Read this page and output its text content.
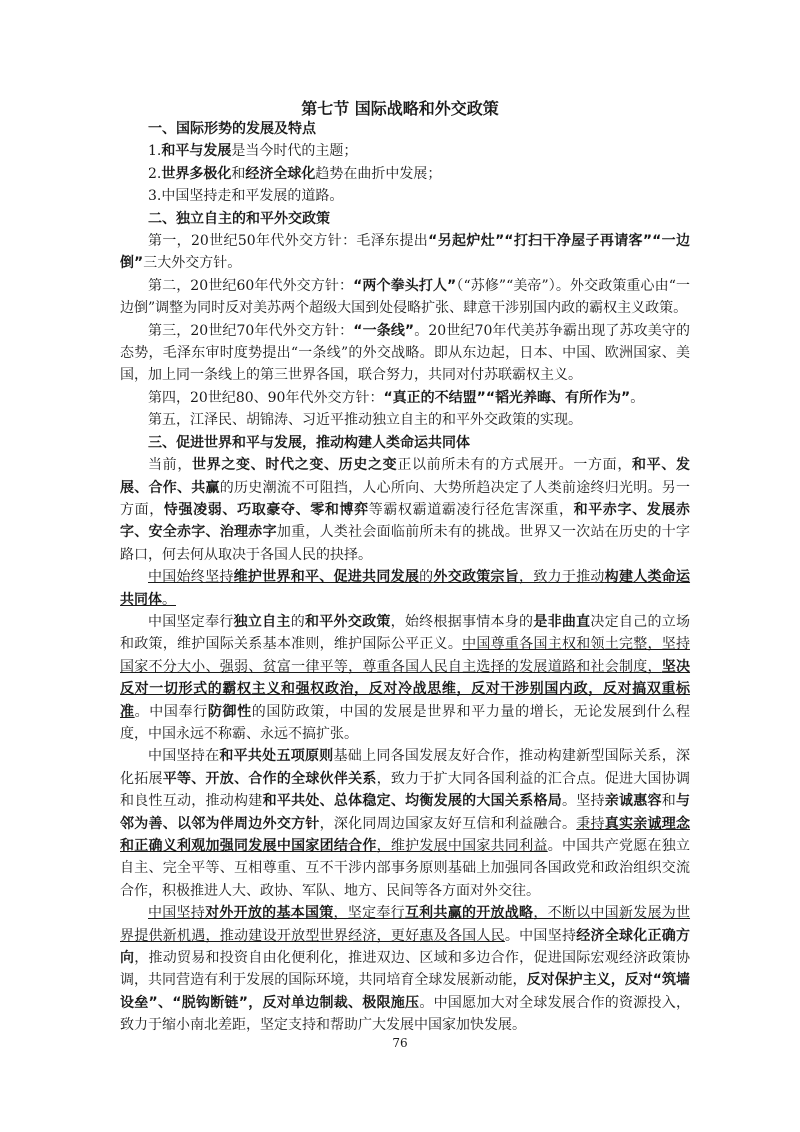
第七节 国际战略和外交政策

一、国际形势的发展及特点

1.和平与发展是当今时代的主题；

2.世界多极化和经济全球化趋势在曲折中发展；

3.中国坚持走和平发展的道路。

二、独立自主的和平外交政策

第一，20世纪50年代外交方针：毛泽东提出“另起炉灶”“打扫干净屋子再请客”“一边倒”三大外交方针。

第二，20世纪60年代外交方针：“两个拳头打人”（“苏修”“美帝”）。外交政策重心由“一边倒”调整为同时反对美苏两个超级大国到处侵略扩张、肆意干涉别国内政的霸权主义政策。

第三，20世纪70年代外交方针：“一条线”。20世纪70年代美苏争霸出现了苏攻美守的态势，毛泽东审时度势提出“一条线”的外交战略。即从东边起，日本、中国、欧洲国家、美国，加上同一条线上的第三世界各国，联合努力，共同对付苏联霸权主义。

第四，20世纪80、90年代外交方针：“真正的不结盟”“韬光养晦、有所作为”。

第五，江泽民、胡锦涛、习近平推动独立自主的和平外交政策的实现。

三、促进世界和平与发展，推动构建人类命运共同体

当前，世界之变、时代之变、历史之变正以前所未有的方式展开。一方面，和平、发展、合作、共赢的历史潮流不可阻挡，人心所向、大势所趋决定了人类前途终归光明。另一方面，恃强凌弱、巧取豪夺、零和博弈等霸权霸道霸凌行径危害深重，和平赤字、发展赤字、安全赤字、治理赤字加重，人类社会面临前所未有的挑战。世界又一次站在历史的十字路口，何去何从取决于各国人民的抉择。

中国始终坚持维护世界和平、促进共同发展的外交政策宗旨，致力于推动构建人类命运共同体。

中国坚定奉行独立自主的和平外交政策，始终根据事情本身的是非曲直决定自己的立场和政策，维护国际关系基本准则，维护国际公平正义。中国尊重各国主权和领土完整，坚持国家不分大小、强弱、贫富一律平等，尊重各国人民自主选择的发展道路和社会制度，坚决反对一切形式的霸权主义和强权政治，反对冷战思维，反对干涉别国内政，反对搞双重标准。中国奉行防御性的国防政策，中国的发展是世界和平力量的增长，无论发展到什么程度，中国永远不称霸、永远不搞扩张。

中国坚持在和平共处五项原则基础上同各国发展友好合作，推动构建新型国际关系，深化拓展平等、开放、合作的全球伙伴关系，致力于扩大同各国利益的汇合点。促进大国协调和良性互动，推动构建和平共处、总体稳定、均衡发展的大国关系格局。坚持亲诚惠容和与邻为善、以邻为伴周边外交方针，深化同周边国家友好互信和利益融合。秉持真实亲诚理念和正确义利观加强同发展中国家团结合作，维护发展中国家共同利益。中国共产党愿在独立自主、完全平等、互相尊重、互不干涉内部事务原则基础上加强同各国政党和政治组织交流合作，积极推进人大、政协、军队、地方、民间等各方面对外交往。

中国坚持对外开放的基本国策，坚定奉行互利共赢的开放战略，不断以中国新发展为世界提供新机遇，推动建设开放型世界经济，更好惠及各国人民。中国坚持经济全球化正确方向，推动贸易和投资自由化便利化，推进双边、区域和多边合作，促进国际宏观经济政策协调，共同营造有利于发展的国际环境，共同培育全球发展新动能，反对保护主义，反对“筑墙设垒”、“脱钩断链”，反对单边制裁、极限施压。中国愿加大对全球发展合作的资源投入，致力于缩小南北差距，坚定支持和帮助广大发展中国家加快发展。

76
